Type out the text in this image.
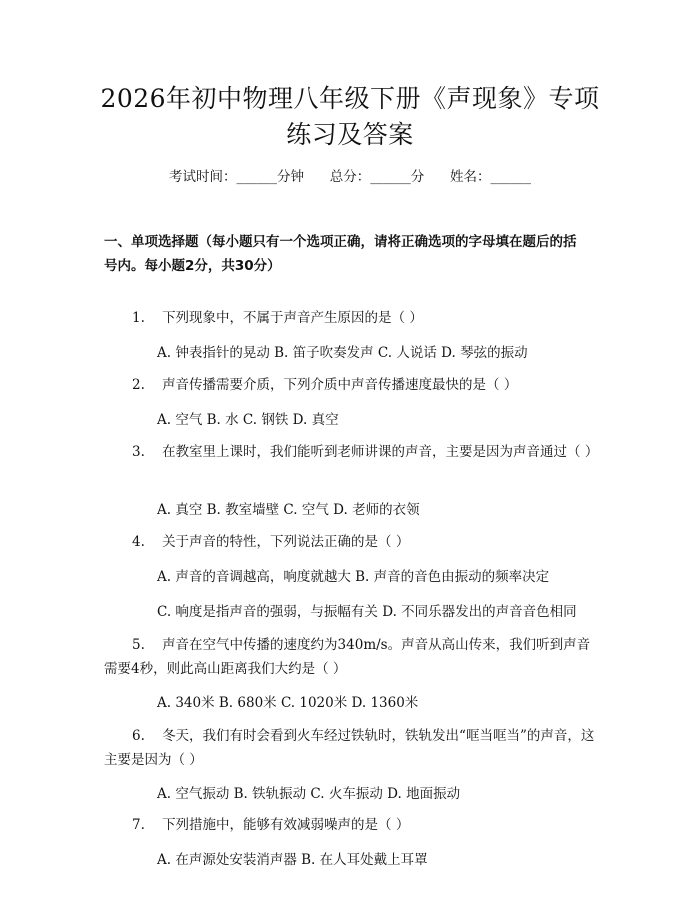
2026年初中物理八年级下册《声现象》专项
练习及答案
考试时间：______分钟      总分：______分      姓名：______
一、单项选择题（每小题只有一个选项正确，请将正确选项的字母填在题后的括
号内。每小题2分，共30分）
1. 下列现象中，不属于声音产生原因的是（ ）
A. 钟表指针的晃动 B. 笛子吹奏发声 C. 人说话 D. 琴弦的振动
2. 声音传播需要介质，下列介质中声音传播速度最快的是（ ）
A. 空气 B. 水 C. 钢铁 D. 真空
3. 在教室里上课时，我们能听到老师讲课的声音，主要是因为声音通过（ ）
A. 真空 B. 教室墙壁 C. 空气 D. 老师的衣领
4. 关于声音的特性，下列说法正确的是（ ）
A. 声音的音调越高，响度就越大 B. 声音的音色由振动的频率决定
C. 响度是指声音的强弱，与振幅有关 D. 不同乐器发出的声音音色相同
5. 声音在空气中传播的速度约为340m/s。声音从高山传来，我们听到声音需要4秒，则此高山距离我们大约是（ ）
A. 340米 B. 680米 C. 1020米 D. 1360米
6. 冬天，我们有时会看到火车经过铁轨时，铁轨发出“哐当哐当”的声音，这主要是因为（ ）
A. 空气振动 B. 铁轨振动 C. 火车振动 D. 地面振动
7. 下列措施中，能够有效减弱噪声的是（ ）
A. 在声源处安装消声器 B. 在人耳处戴上耳罩
